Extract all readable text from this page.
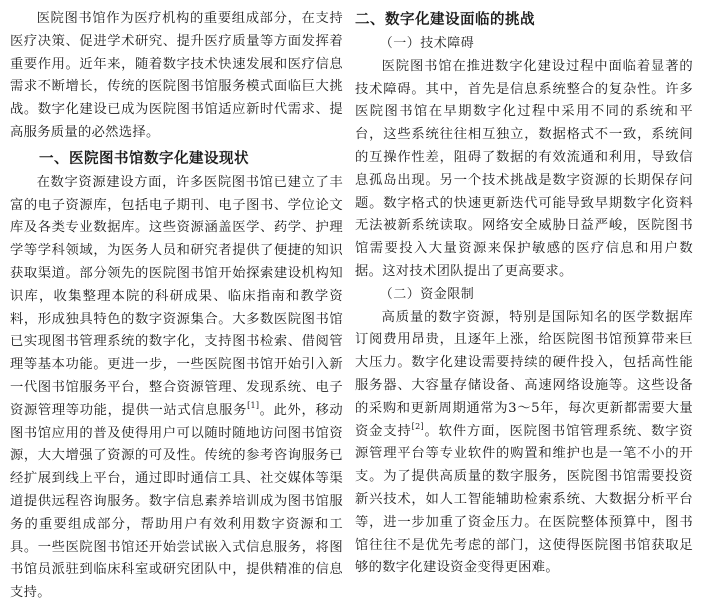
医院图书馆作为医疗机构的重要组成部分，在支持医疗决策、促进学术研究、提升医疗质量等方面发挥着重要作用。近年来，随着数字技术快速发展和医疗信息需求不断增长，传统的医院图书馆服务模式面临巨大挑战。数字化建设已成为医院图书馆适应新时代需求、提高服务质量的必然选择。

一、医院图书馆数字化建设现状

在数字资源建设方面，许多医院图书馆已建立了丰富的电子资源库，包括电子期刊、电子图书、学位论文库及各类专业数据库。这些资源涵盖医学、药学、护理学等学科领域，为医务人员和研究者提供了便捷的知识获取渠道。部分领先的医院图书馆开始探索建设机构知识库，收集整理本院的科研成果、临床指南和教学资料，形成独具特色的数字资源集合。大多数医院图书馆已实现图书管理系统的数字化，支持图书检索、借阅管理等基本功能。更进一步，一些医院图书馆开始引入新一代图书馆服务平台，整合资源管理、发现系统、电子资源管理等功能，提供一站式信息服务[1]。此外，移动图书馆应用的普及使得用户可以随时随地访问图书馆资源，大大增强了资源的可及性。传统的参考咨询服务已经扩展到线上平台，通过即时通信工具、社交媒体等渠道提供远程咨询服务。数字信息素养培训成为图书馆服务的重要组成部分，帮助用户有效利用数字资源和工具。一些医院图书馆还开始尝试嵌入式信息服务，将图书馆员派驻到临床科室或研究团队中，提供精准的信息支持。

二、数字化建设面临的挑战
（一）技术障碍

医院图书馆在推进数字化建设过程中面临着显著的技术障碍。其中，首先是信息系统整合的复杂性。许多医院图书馆在早期数字化过程中采用不同的系统和平台，这些系统往往相互独立，数据格式不一致，系统间的互操作性差，阻碍了数据的有效流通和利用，导致信息孤岛出现。另一个技术挑战是数字资源的长期保存问题。数字格式的快速更新迭代可能导致早期数字化资料无法被新系统读取。网络安全威胁日益严峻，医院图书馆需要投入大量资源来保护敏感的医疗信息和用户数据。这对技术团队提出了更高要求。

（二）资金限制

高质量的数字资源，特别是国际知名的医学数据库订阅费用昂贵，且逐年上涨，给医院图书馆预算带来巨大压力。数字化建设需要持续的硬件投入，包括高性能服务器、大容量存储设备、高速网络设施等。这些设备的采购和更新周期通常为3～5年，每次更新都需要大量资金支持[2]。软件方面，医院图书馆管理系统、数字资源管理平台等专业软件的购置和维护也是一笔不小的开支。为了提供高质量的数字服务，医院图书馆需要投资新兴技术，如人工智能辅助检索系统、大数据分析平台等，进一步加重了资金压力。在医院整体预算中，图书馆往往不是优先考虑的部门，这使得医院图书馆获取足够的数字化建设资金变得更困难。
